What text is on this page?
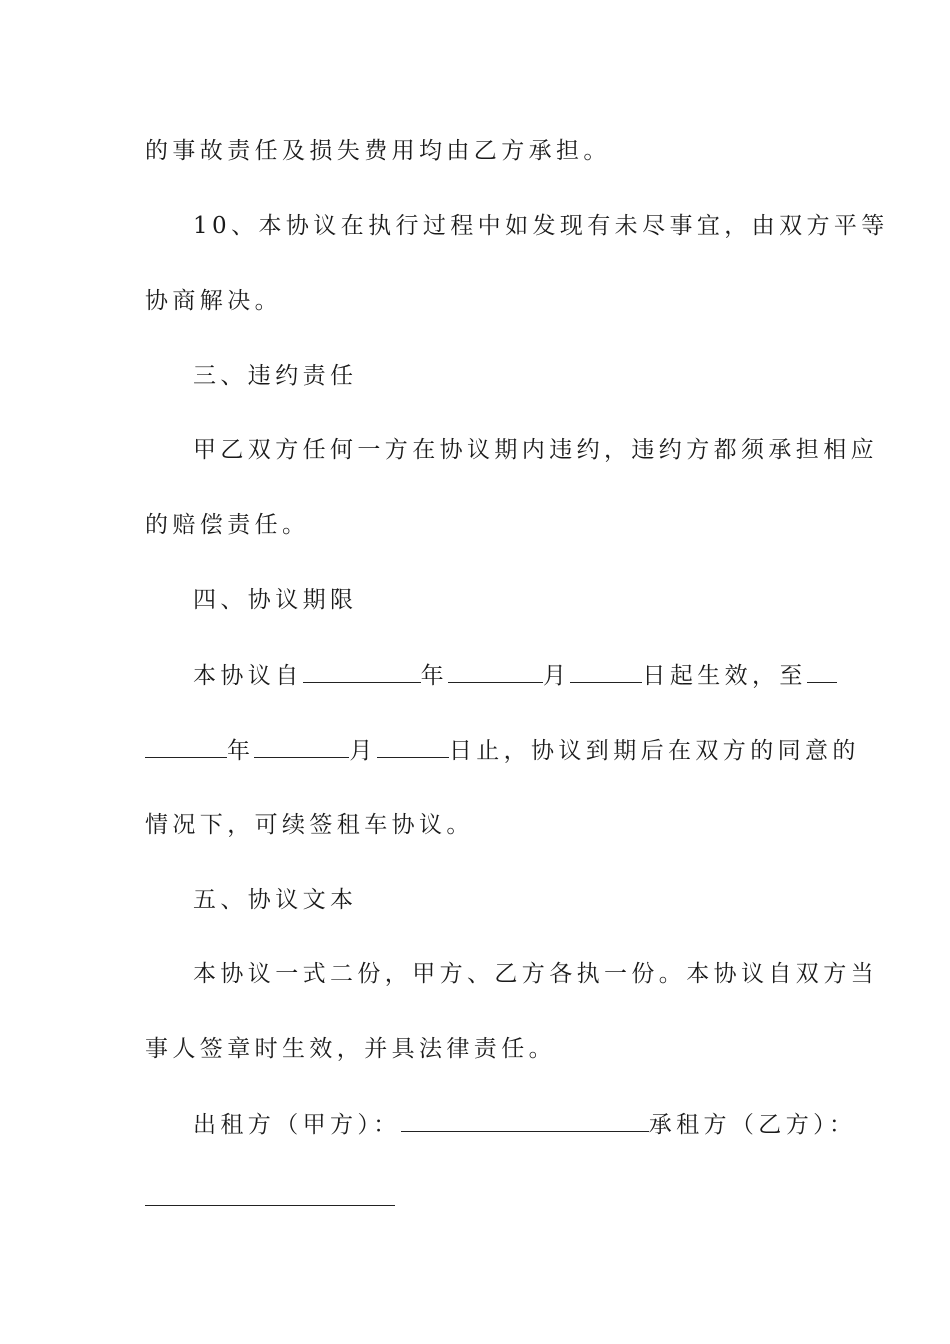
的事故责任及损失费用均由乙方承担。
10、本协议在执行过程中如发现有未尽事宜，由双方平等
协商解决。
三、违约责任
甲乙双方任何一方在协议期内违约，违约方都须承担相应
的赔偿责任。
四、协议期限
本协议自	年	月	日起生效，至
年	月	日止，协议到期后在双方的同意的
情况下，可续签租车协议。
五、协议文本
本协议一式二份，甲方、乙方各执一份。本协议自双方当
事人签章时生效，并具法律责任。
出租方（甲方）：	承租方（乙方）：
